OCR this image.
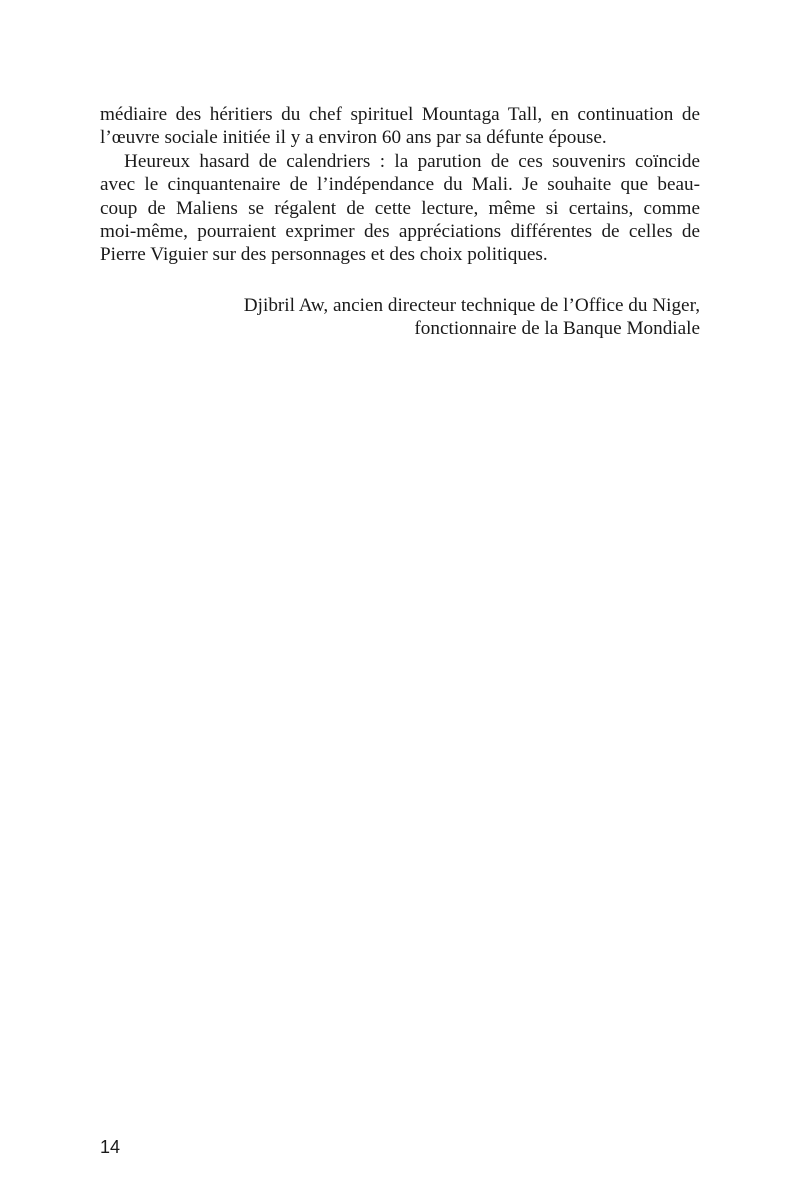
médiaire des héritiers du chef spirituel Mountaga Tall, en continuation de
l’œuvre sociale initiée il y a environ 60 ans par sa défunte épouse.

Heureux hasard de calendriers : la parution de ces souvenirs coïncide
avec le cinquantenaire de l’indépendance du Mali. Je souhaite que beau-
coup de Maliens se régalent de cette lecture, même si certains, comme
moi-même, pourraient exprimer des appréciations différentes de celles de
Pierre Viguier sur des personnages et des choix politiques.

Djibril Aw, ancien directeur technique de l’Office du Niger,
fonctionnaire de la Banque Mondiale
14
